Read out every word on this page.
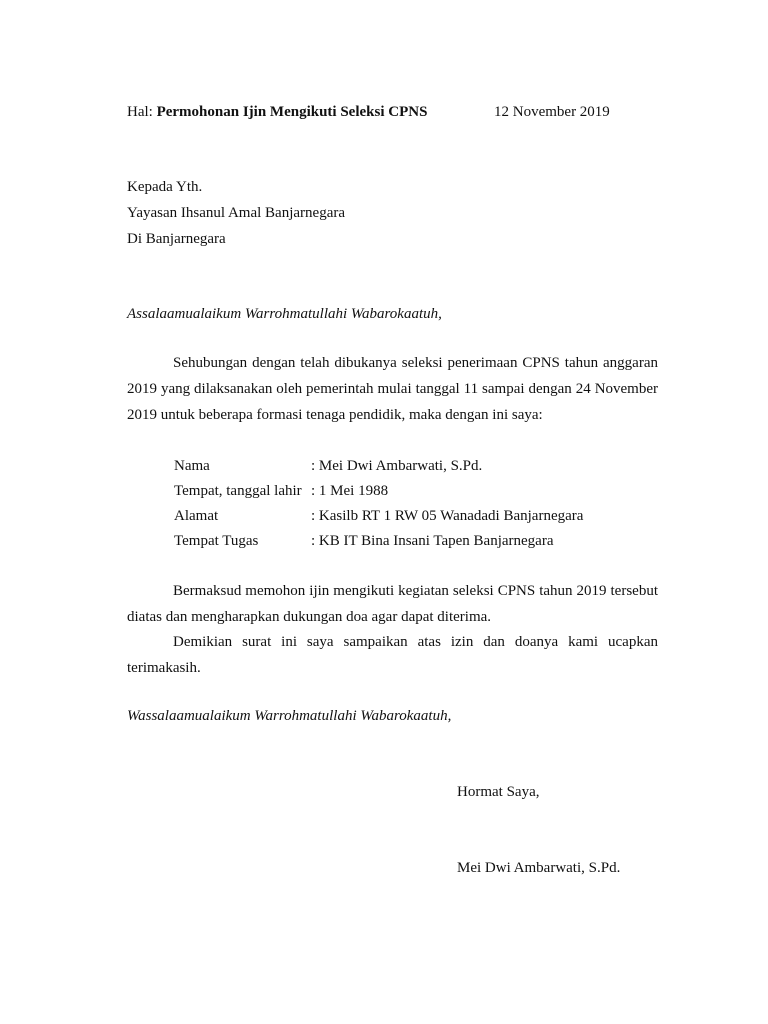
Hal: Permohonan Ijin Mengikuti Seleksi CPNS	12 November 2019
Kepada Yth.
Yayasan Ihsanul Amal Banjarnegara
Di Banjarnegara
Assalaamualaikum Warrohmatullahi Wabarokaatuh,
Sehubungan dengan telah dibukanya seleksi penerimaan CPNS tahun anggaran 2019 yang dilaksanakan oleh pemerintah mulai tanggal 11 sampai dengan 24 November 2019 untuk beberapa formasi tenaga pendidik, maka dengan ini saya:
Nama	: Mei Dwi Ambarwati, S.Pd.
Tempat, tanggal lahir : 1 Mei 1988
Alamat	: Kasilb RT 1 RW 05 Wanadadi Banjarnegara
Tempat Tugas	: KB IT Bina Insani Tapen Banjarnegara
Bermaksud memohon ijin mengikuti kegiatan seleksi CPNS tahun 2019 tersebut diatas dan mengharapkan dukungan doa agar dapat diterima.
Demikian surat ini saya sampaikan atas izin dan doanya kami ucapkan terimakasih.
Wassalaamualaikum Warrohmatullahi Wabarokaatuh,
Hormat Saya,
Mei Dwi Ambarwati, S.Pd.
